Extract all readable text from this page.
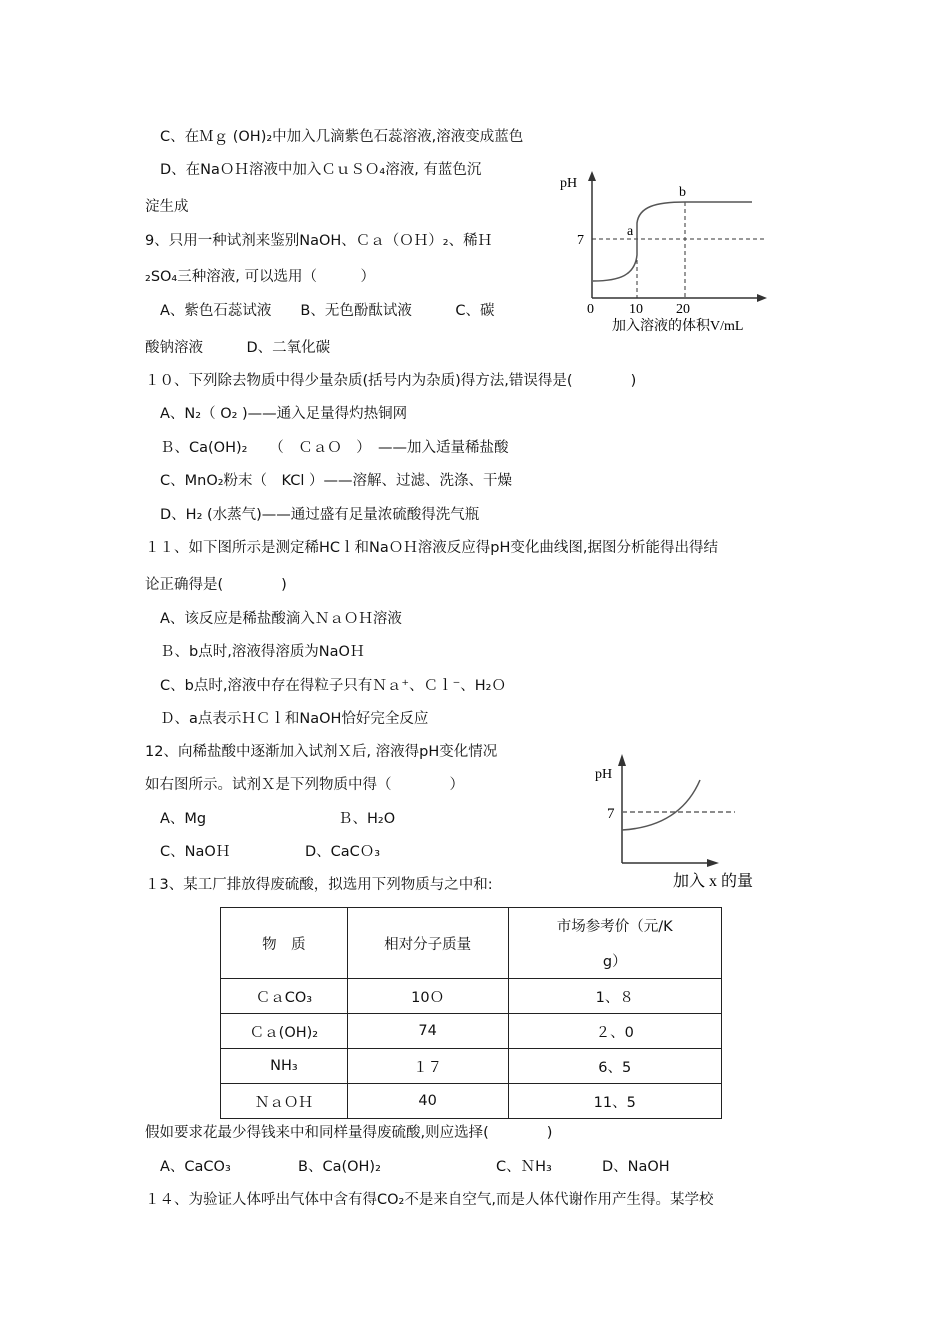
C、在Ｍｇ (OH)₂中加入几滴紫色石蕊溶液,溶液变成蓝色
D、在NaＯＨ溶液中加入ＣｕＳＯ₄溶液, 有蓝色沉
淀生成
9、只用一种试剂来鉴别NaOH、Ｃａ（ＯＨ）₂、稀Ｈ
₂SO₄三种溶液, 可以选用（　　　）
A、紫色石蕊试液　　B、无色酚酞试液　　　C、碳
酸钠溶液　　　D、二氧化碳
pH
7
a
b
0	10 20
加入溶液的体积V/mL
１０、下列除去物质中得少量杂质(括号内为杂质)得方法,错误得是(　　　　)
A、N₂（ O₂ )——通入足量得灼热铜网
Ｂ、Ca(OH)₂　　（　ＣａＯ　）　——加入适量稀盐酸
C、MnO₂粉末（　KCl ）——溶解、过滤、洗涤、干燥
D、H₂ (水蒸气)——通过盛有足量浓硫酸得洗气瓶
１１、如下图所示是测定稀HCｌ和NaＯＨ溶液反应得pH变化曲线图,据图分析能得出得结
论正确得是(　　　　)
A、该反应是稀盐酸滴入ＮａＯＨ溶液
Ｂ、b点时,溶液得溶质为NaOＨ
C、b点时,溶液中存在得粒子只有Ｎａ⁺、Ｃｌ⁻、H₂Ｏ
Ｄ、a点表示ＨＣｌ和NaOH恰好完全反应
12、向稀盐酸中逐渐加入试剂Ｘ后, 溶液得pH变化情况
如右图所示。试剂Ｘ是下列物质中得（　　　　）
A、Mg	Ｂ、H₂O
C、NaOＨ	D、CaCＯ₃
pH
7
加入 x 的量
１3、某工厂排放得废硫酸，拟选用下列物质与之中和:
物　质	相对分子质量	市场参考价（元/K
g）

ＣａCO₃	10Ｏ	1、８
Ｃａ(OH)₂	74	２、0
NH₃	１７	6、5
ＮａＯＨ	40	11、5
假如要求花最少得钱来中和同样量得废硫酸,则应选择(　　　　)
A、CaCO₃	B、Ca(OH)₂	C、ＮH₃	D、NaOH
１４、为验证人体呼出气体中含有得CO₂不是来自空气,而是人体代谢作用产生得。某学校
